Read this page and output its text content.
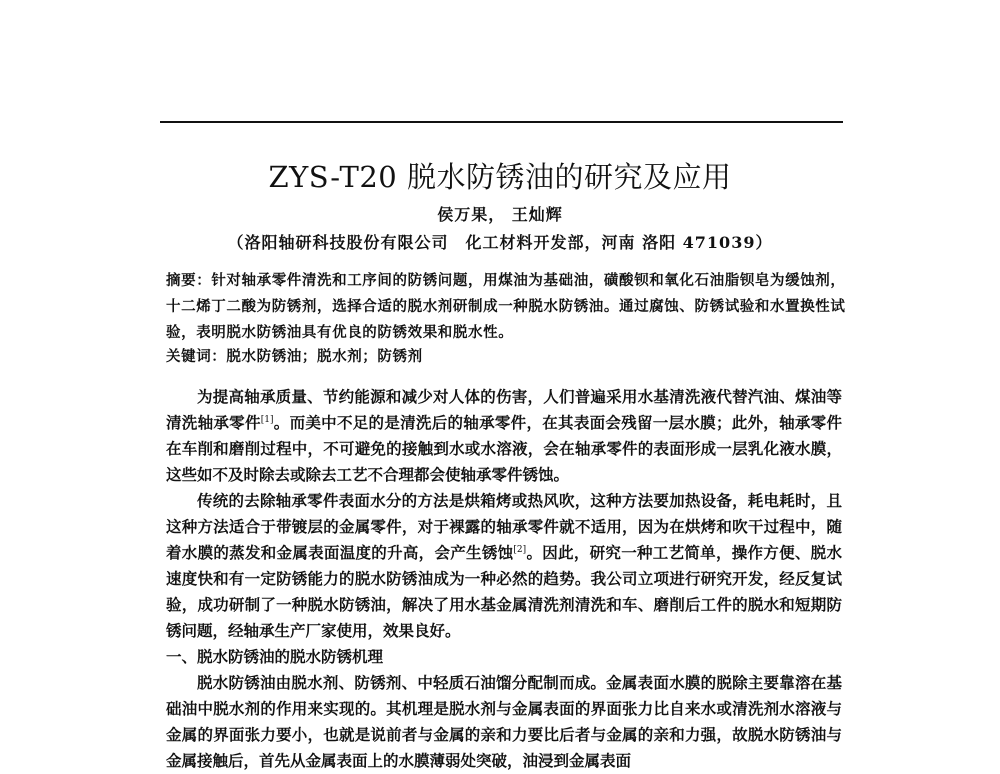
ZYS-T20 脱水防锈油的研究及应用
侯万果， 王灿辉
（洛阳轴研科技股份有限公司　化工材料开发部，河南 洛阳 471039）
摘要：针对轴承零件清洗和工序间的防锈问题，用煤油为基础油，磺酸钡和氧化石油脂钡皂为缓蚀剂，十二烯丁二酸为防锈剂，选择合适的脱水剂研制成一种脱水防锈油。通过腐蚀、防锈试验和水置换性试验，表明脱水防锈油具有优良的防锈效果和脱水性。
关键词：脱水防锈油；脱水剂；防锈剂

为提高轴承质量、节约能源和减少对人体的伤害，人们普遍采用水基清洗液代替汽油、煤油等清洗轴承零件[1]。而美中不足的是清洗后的轴承零件，在其表面会残留一层水膜；此外，轴承零件在车削和磨削过程中，不可避免的接触到水或水溶液，会在轴承零件的表面形成一层乳化液水膜，这些如不及时除去或除去工艺不合理都会使轴承零件锈蚀。

传统的去除轴承零件表面水分的方法是烘箱烤或热风吹，这种方法要加热设备，耗电耗时，且这种方法适合于带镀层的金属零件，对于裸露的轴承零件就不适用，因为在烘烤和吹干过程中，随着水膜的蒸发和金属表面温度的升高，会产生锈蚀[2]。因此，研究一种工艺简单，操作方便、脱水速度快和有一定防锈能力的脱水防锈油成为一种必然的趋势。我公司立项进行研究开发，经反复试验，成功研制了一种脱水防锈油，解决了用水基金属清洗剂清洗和车、磨削后工件的脱水和短期防锈问题，经轴承生产厂家使用，效果良好。

一、脱水防锈油的脱水防锈机理

脱水防锈油由脱水剂、防锈剂、中轻质石油馏分配制而成。金属表面水膜的脱除主要靠溶在基础油中脱水剂的作用来实现的。其机理是脱水剂与金属表面的界面张力比自来水或清洗剂水溶液与金属的界面张力要小，也就是说前者与金属的亲和力要比后者与金属的亲和力强，故脱水防锈油与金属接触后，首先从金属表面上的水膜薄弱处突破，油浸到金属表面
